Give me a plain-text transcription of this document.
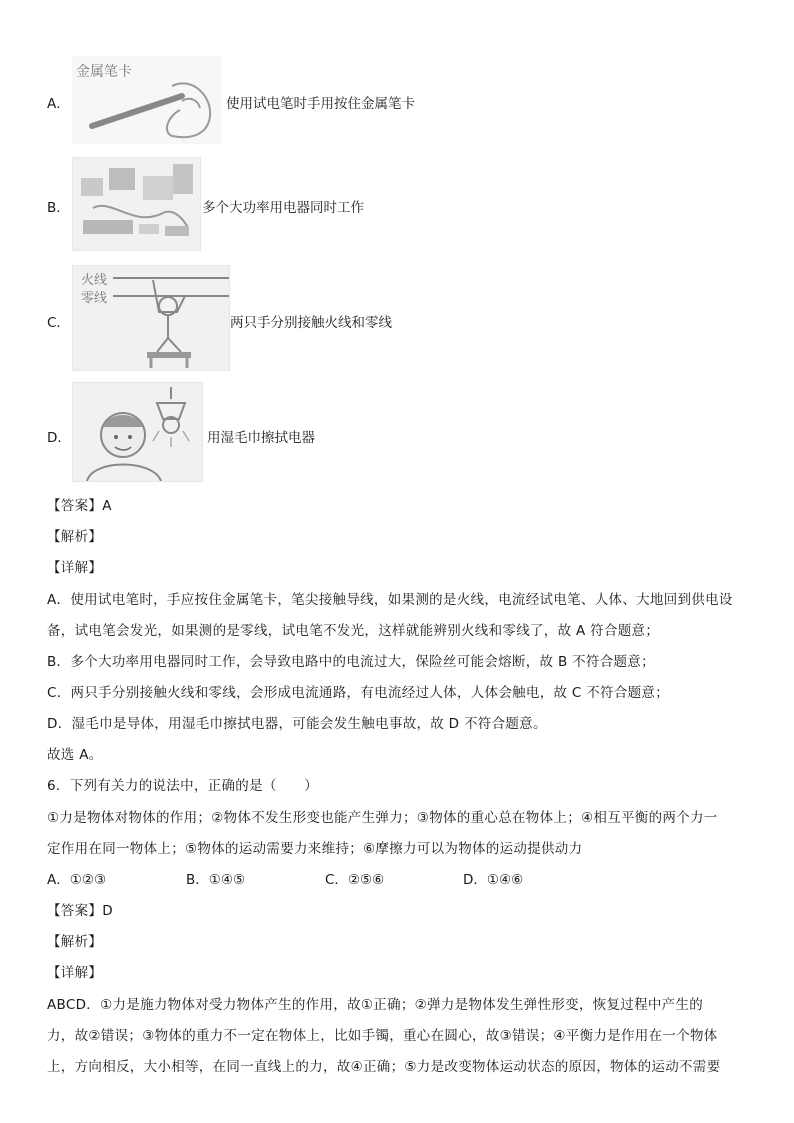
A．
金属笔卡
使用试电笔时手用按住金属笔卡
B．	多个大功率用电器同时工作
C．
火线
零线
两只手分别接触火线和零线
D．	用湿毛巾擦拭电器
【答案】A
【解析】
【详解】
A．使用试电笔时，手应按住金属笔卡，笔尖接触导线，如果测的是火线，电流经试电笔、人体、大地回到供电设
备，试电笔会发光，如果测的是零线，试电笔不发光，这样就能辨别火线和零线了，故 A 符合题意；
B．多个大功率用电器同时工作，会导致电路中的电流过大，保险丝可能会熔断，故 B 不符合题意；
C．两只手分别接触火线和零线，会形成电流通路，有电流经过人体，人体会触电，故 C 不符合题意；
D．湿毛巾是导体，用湿毛巾擦拭电器，可能会发生触电事故，故 D 不符合题意。
故选 A。
6．下列有关力的说法中，正确的是（　　）
①力是物体对物体的作用；②物体不发生形变也能产生弹力；③物体的重心总在物体上；④相互平衡的两个力一
定作用在同一物体上；⑤物体的运动需要力来维持；⑥摩擦力可以为物体的运动提供动力
A．①②③	B．①④⑤	C．②⑤⑥	D．①④⑥
【答案】D
【解析】
【详解】
ABCD．①力是施力物体对受力物体产生的作用，故①正确；②弹力是物体发生弹性形变，恢复过程中产生的
力，故②错误；③物体的重力不一定在物体上，比如手镯，重心在圆心，故③错误；④平衡力是作用在一个物体
上，方向相反，大小相等，在同一直线上的力，故④正确；⑤力是改变物体运动状态的原因，物体的运动不需要
